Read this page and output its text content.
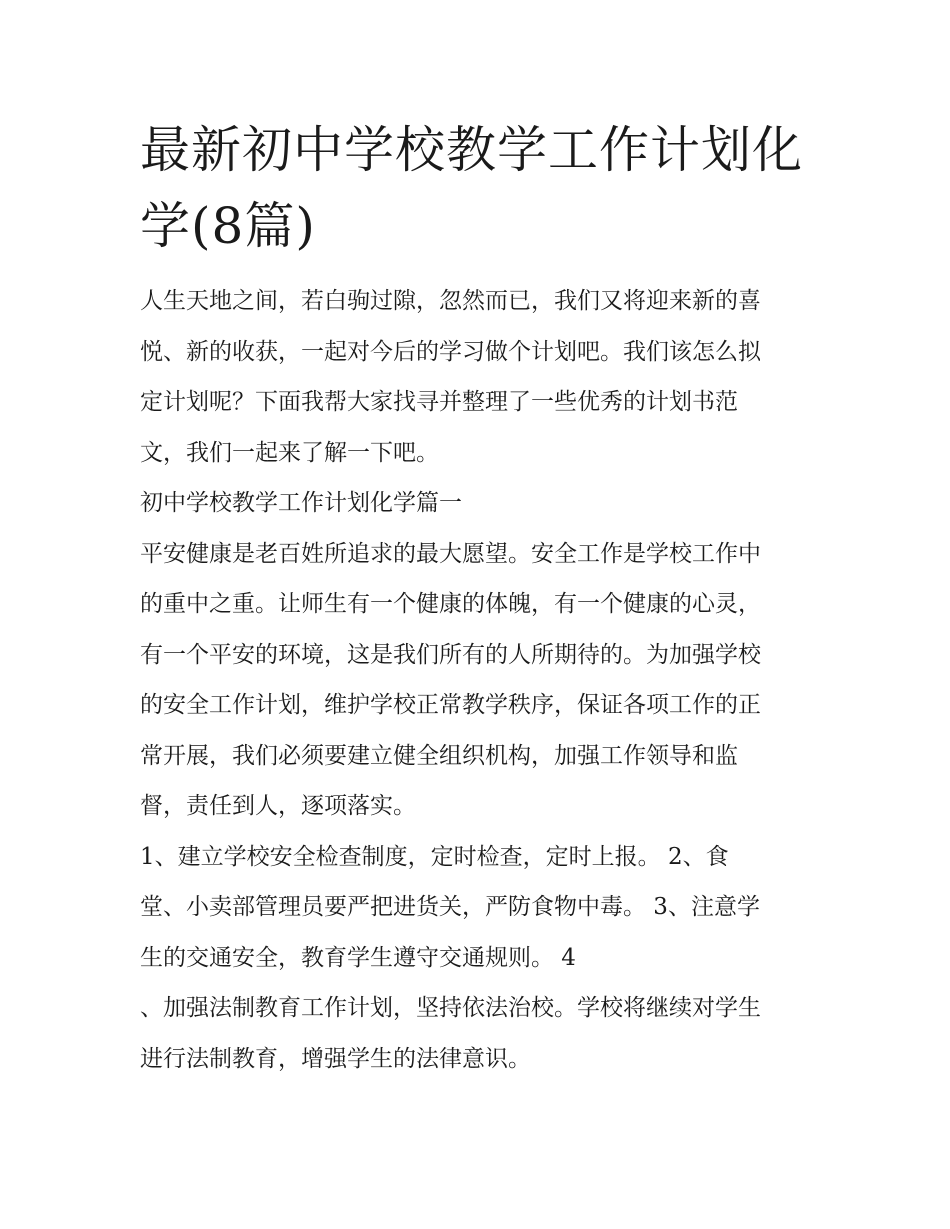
最新初中学校教学工作计划化
学(8篇)

人生天地之间，若白驹过隙，忽然而已，我们又将迎来新的喜

悦、新的收获，一起对今后的学习做个计划吧。我们该怎么拟

定计划呢？下面我帮大家找寻并整理了一些优秀的计划书范

文，我们一起来了解一下吧。

初中学校教学工作计划化学篇一

平安健康是老百姓所追求的最大愿望。安全工作是学校工作中

的重中之重。让师生有一个健康的体魄，有一个健康的心灵，

有一个平安的环境，这是我们所有的人所期待的。为加强学校

的安全工作计划，维护学校正常教学秩序，保证各项工作的正

常开展，我们必须要建立健全组织机构，加强工作领导和监

督，责任到人，逐项落实。

1、建立学校安全检查制度，定时检查，定时上报。 2、食

堂、小卖部管理员要严把进货关，严防食物中毒。 3、注意学

生的交通安全，教育学生遵守交通规则。 4

、加强法制教育工作计划，坚持依法治校。学校将继续对学生

进行法制教育，增强学生的法律意识。
